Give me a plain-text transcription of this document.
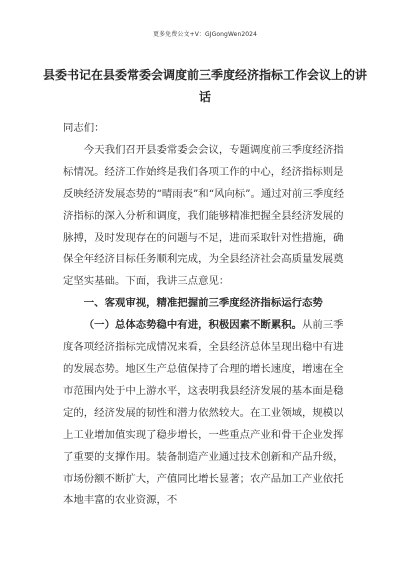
更多免费公文+V：GJGongWen2024
县委书记在县委常委会调度前三季度经济指标工作会议上的讲话

同志们：

今天我们召开县委常委会会议，专题调度前三季度经济指标情况。经济工作始终是我们各项工作的中心，经济指标则是反映经济发展态势的“晴雨表”和“风向标”。通过对前三季度经济指标的深入分析和调度，我们能够精准把握全县经济发展的脉搏，及时发现存在的问题与不足，进而采取针对性措施，确保全年经济目标任务顺利完成，为全县经济社会高质量发展奠定坚实基础。下面，我讲三点意见：

一、客观审视，精准把握前三季度经济指标运行态势

（一）总体态势稳中有进，积极因素不断累积。从前三季度各项经济指标完成情况来看，全县经济总体呈现出稳中有进的发展态势。地区生产总值保持了合理的增长速度，增速在全市范围内处于中上游水平，这表明我县经济发展的基本面是稳定的，经济发展的韧性和潜力依然较大。在工业领域，规模以上工业增加值实现了稳步增长，一些重点产业和骨干企业发挥了重要的支撑作用。装备制造产业通过技术创新和产品升级，市场份额不断扩大，产值同比增长显著；农产品加工产业依托本地丰富的农业资源，不
